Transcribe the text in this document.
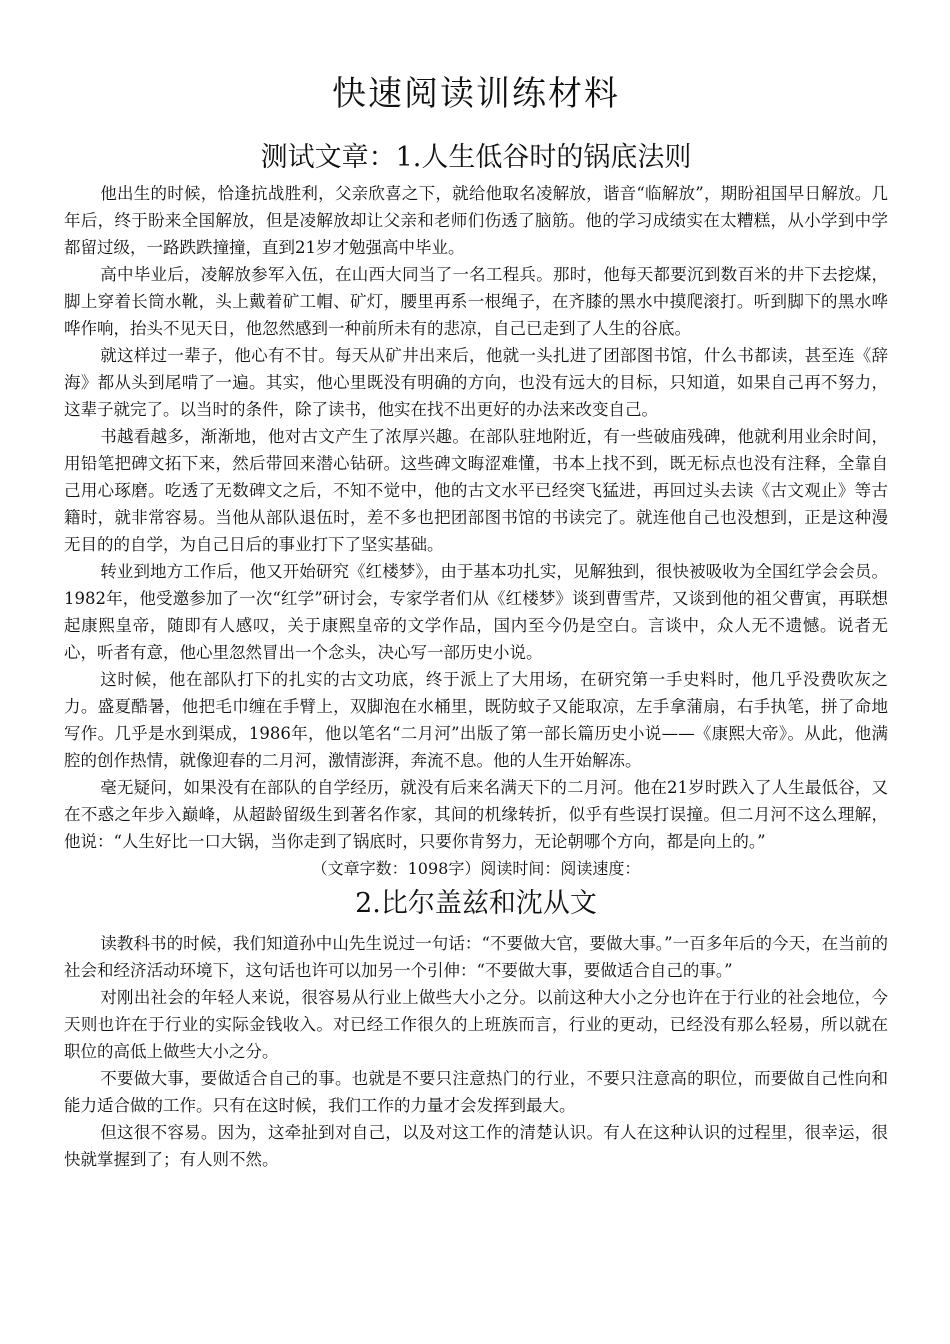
快速阅读训练材料
测试文章：1.人生低谷时的锅底法则

他出生的时候，恰逢抗战胜利，父亲欣喜之下，就给他取名凌解放，谐音“临解放”，期盼祖国早日解放。几年后，终于盼来全国解放，但是凌解放却让父亲和老师们伤透了脑筋。他的学习成绩实在太糟糕，从小学到中学都留过级，一路跌跌撞撞，直到21岁才勉强高中毕业。

高中毕业后，凌解放参军入伍，在山西大同当了一名工程兵。那时，他每天都要沉到数百米的井下去挖煤，脚上穿着长筒水靴，头上戴着矿工帽、矿灯，腰里再系一根绳子，在齐膝的黑水中摸爬滚打。听到脚下的黑水哗哗作响，抬头不见天日，他忽然感到一种前所未有的悲凉，自己已走到了人生的谷底。

就这样过一辈子，他心有不甘。每天从矿井出来后，他就一头扎进了团部图书馆，什么书都读，甚至连《辞海》都从头到尾啃了一遍。其实，他心里既没有明确的方向，也没有远大的目标，只知道，如果自己再不努力，这辈子就完了。以当时的条件，除了读书，他实在找不出更好的办法来改变自己。

书越看越多，渐渐地，他对古文产生了浓厚兴趣。在部队驻地附近，有一些破庙残碑，他就利用业余时间，用铅笔把碑文拓下来，然后带回来潜心钻研。这些碑文晦涩难懂，书本上找不到，既无标点也没有注释，全靠自己用心琢磨。吃透了无数碑文之后，不知不觉中，他的古文水平已经突飞猛进，再回过头去读《古文观止》等古籍时，就非常容易。当他从部队退伍时，差不多也把团部图书馆的书读完了。就连他自己也没想到，正是这种漫无目的的自学，为自己日后的事业打下了坚实基础。

转业到地方工作后，他又开始研究《红楼梦》，由于基本功扎实，见解独到，很快被吸收为全国红学会会员。1982年，他受邀参加了一次“红学”研讨会，专家学者们从《红楼梦》谈到曹雪芹，又谈到他的祖父曹寅，再联想起康熙皇帝，随即有人感叹，关于康熙皇帝的文学作品，国内至今仍是空白。言谈中，众人无不遗憾。说者无心，听者有意，他心里忽然冒出一个念头，决心写一部历史小说。

这时候，他在部队打下的扎实的古文功底，终于派上了大用场，在研究第一手史料时，他几乎没费吹灰之力。盛夏酷暑，他把毛巾缠在手臂上，双脚泡在水桶里，既防蚊子又能取凉，左手拿蒲扇，右手执笔，拼了命地写作。几乎是水到渠成，1986年，他以笔名“二月河”出版了第一部长篇历史小说——《康熙大帝》。从此，他满腔的创作热情，就像迎春的二月河，激情澎湃，奔流不息。他的人生开始解冻。

毫无疑问，如果没有在部队的自学经历，就没有后来名满天下的二月河。他在21岁时跌入了人生最低谷，又在不惑之年步入巅峰，从超龄留级生到著名作家，其间的机缘转折，似乎有些误打误撞。但二月河不这么理解，他说：“人生好比一口大锅，当你走到了锅底时，只要你肯努力，无论朝哪个方向，都是向上的。”

（文章字数：1098字）阅读时间：阅读速度：

2.比尔盖兹和沈从文

读教科书的时候，我们知道孙中山先生说过一句话：“不要做大官，要做大事。”一百多年后的今天，在当前的社会和经济活动环境下，这句话也许可以加另一个引伸：“不要做大事，要做适合自己的事。”

对刚出社会的年轻人来说，很容易从行业上做些大小之分。以前这种大小之分也许在于行业的社会地位，今天则也许在于行业的实际金钱收入。对已经工作很久的上班族而言，行业的更动，已经没有那么轻易，所以就在职位的高低上做些大小之分。

不要做大事，要做适合自己的事。也就是不要只注意热门的行业，不要只注意高的职位，而要做自己性向和能力适合做的工作。只有在这时候，我们工作的力量才会发挥到最大。

但这很不容易。因为，这牵扯到对自己，以及对这工作的清楚认识。有人在这种认识的过程里，很幸运，很快就掌握到了；有人则不然。
